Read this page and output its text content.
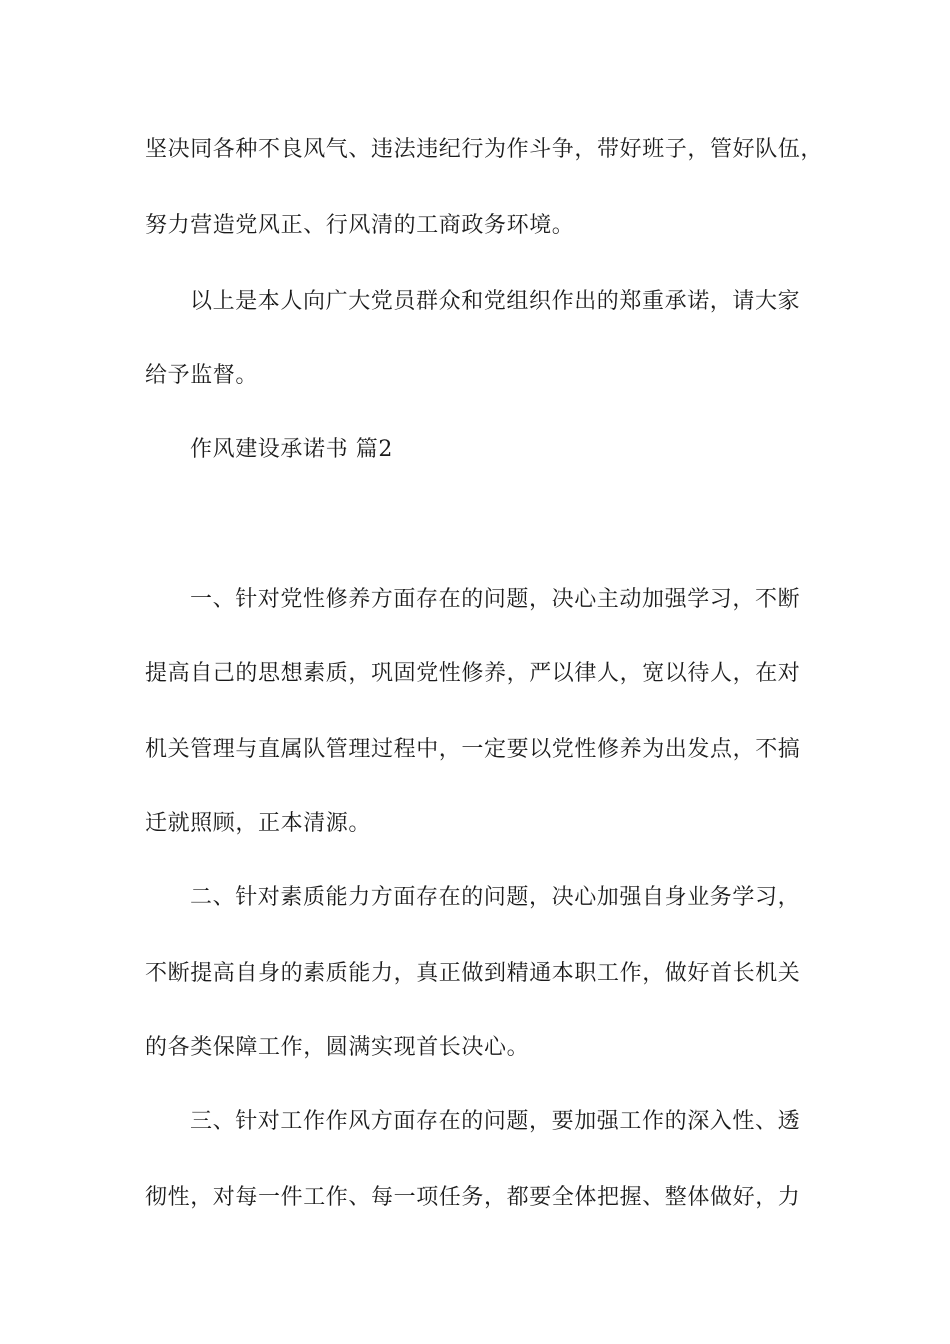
坚决同各种不良风气、违法违纪行为作斗争，带好班子，管好队伍，
努力营造党风正、行风清的工商政务环境。
以上是本人向广大党员群众和党组织作出的郑重承诺，请大家
给予监督。
作风建设承诺书 篇2
一、针对党性修养方面存在的问题，决心主动加强学习，不断
提高自己的思想素质，巩固党性修养，严以律人，宽以待人，在对
机关管理与直属队管理过程中，一定要以党性修养为出发点，不搞
迁就照顾，正本清源。
二、针对素质能力方面存在的问题，决心加强自身业务学习，
不断提高自身的素质能力，真正做到精通本职工作，做好首长机关
的各类保障工作，圆满实现首长决心。
三、针对工作作风方面存在的问题，要加强工作的深入性、透
彻性，对每一件工作、每一项任务，都要全体把握、整体做好，力
